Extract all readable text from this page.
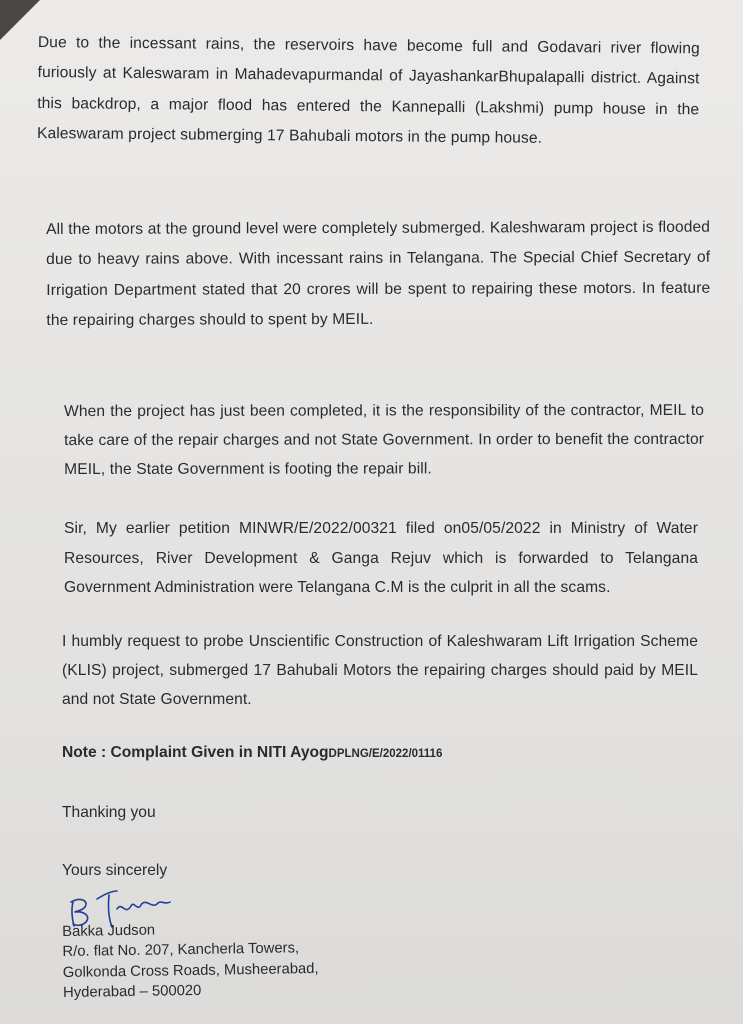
Due to the incessant rains, the reservoirs have become full and Godavari river flowing furiously at Kaleswaram in Mahadevapurmandal of JayashankarBhupalapalli district. Against this backdrop, a major flood has entered the Kannepalli (Lakshmi) pump house in the Kaleswaram project submerging 17 Bahubali motors in the pump house.

All the motors at the ground level were completely submerged. Kaleshwaram project is flooded due to heavy rains above. With incessant rains in Telangana. The Special Chief Secretary of Irrigation Department stated that 20 crores will be spent to repairing these motors. In feature the repairing charges should to spent by MEIL.

When the project has just been completed, it is the responsibility of the contractor, MEIL to take care of the repair charges and not State Government. In order to benefit the contractor MEIL, the State Government is footing the repair bill.

Sir, My earlier petition MINWR/E/2022/00321 filed on05/05/2022 in Ministry of Water Resources, River Development & Ganga Rejuv which is forwarded to Telangana Government Administration were Telangana C.M is the culprit in all the scams.

I humbly request to probe Unscientific Construction of Kaleshwaram Lift Irrigation Scheme (KLIS) project, submerged 17 Bahubali Motors the repairing charges should paid by MEIL and not State Government.

Note : Complaint Given in NITI AyogDPLNG/E/2022/01116
Thanking you
Yours sincerely
Bakka Judson
R/o. flat No. 207, Kancherla Towers,
Golkonda Cross Roads, Musheerabad,
Hyderabad – 500020
